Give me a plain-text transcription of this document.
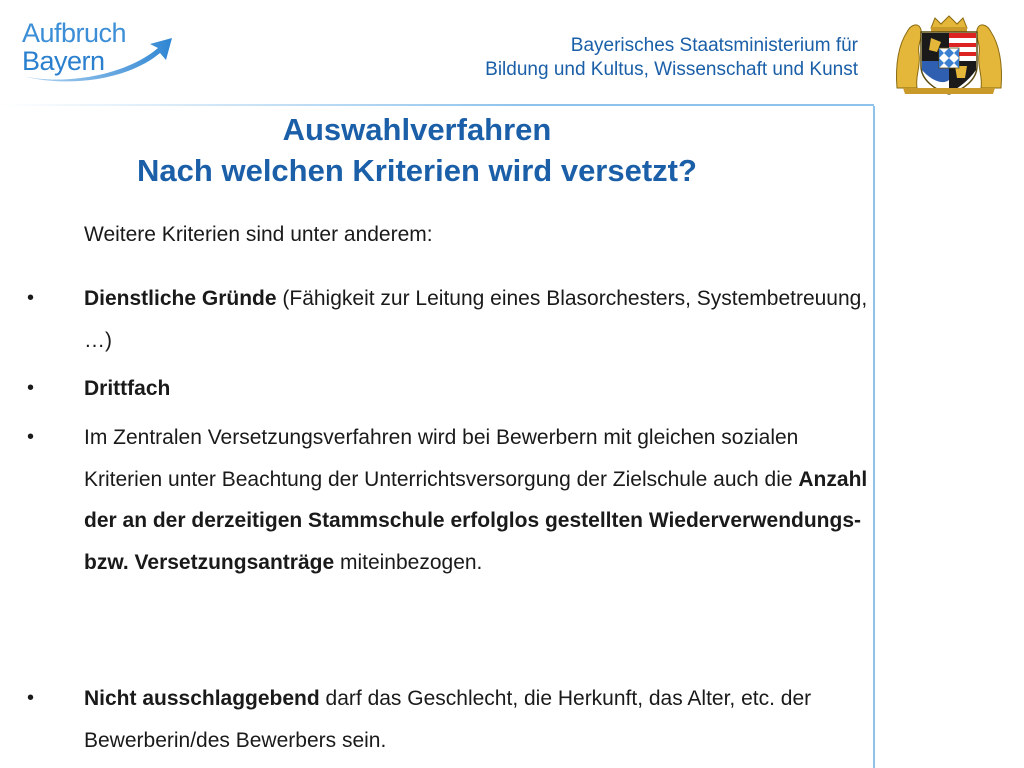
Aufbruch
Bayern
Bayerisches Staatsministerium für
Bildung und Kultus, Wissenschaft und Kunst
Auswahlverfahren
Nach welchen Kriterien wird versetzt?
Weitere Kriterien sind unter anderem:
• Dienstliche Gründe (Fähigkeit zur Leitung eines Blasorchesters, Systembetreuung, …)
• Drittfach
• Im Zentralen Versetzungsverfahren wird bei Bewerbern mit gleichen sozialen Kriterien unter Beachtung der Unterrichtsversorgung der Zielschule auch die Anzahl der an der derzeitigen Stammschule erfolglos gestellten Wiederverwendungs- bzw. Versetzungsanträge miteinbezogen.
• Nicht ausschlaggebend darf das Geschlecht, die Herkunft, das Alter, etc. der Bewerberin/des Bewerbers sein.
